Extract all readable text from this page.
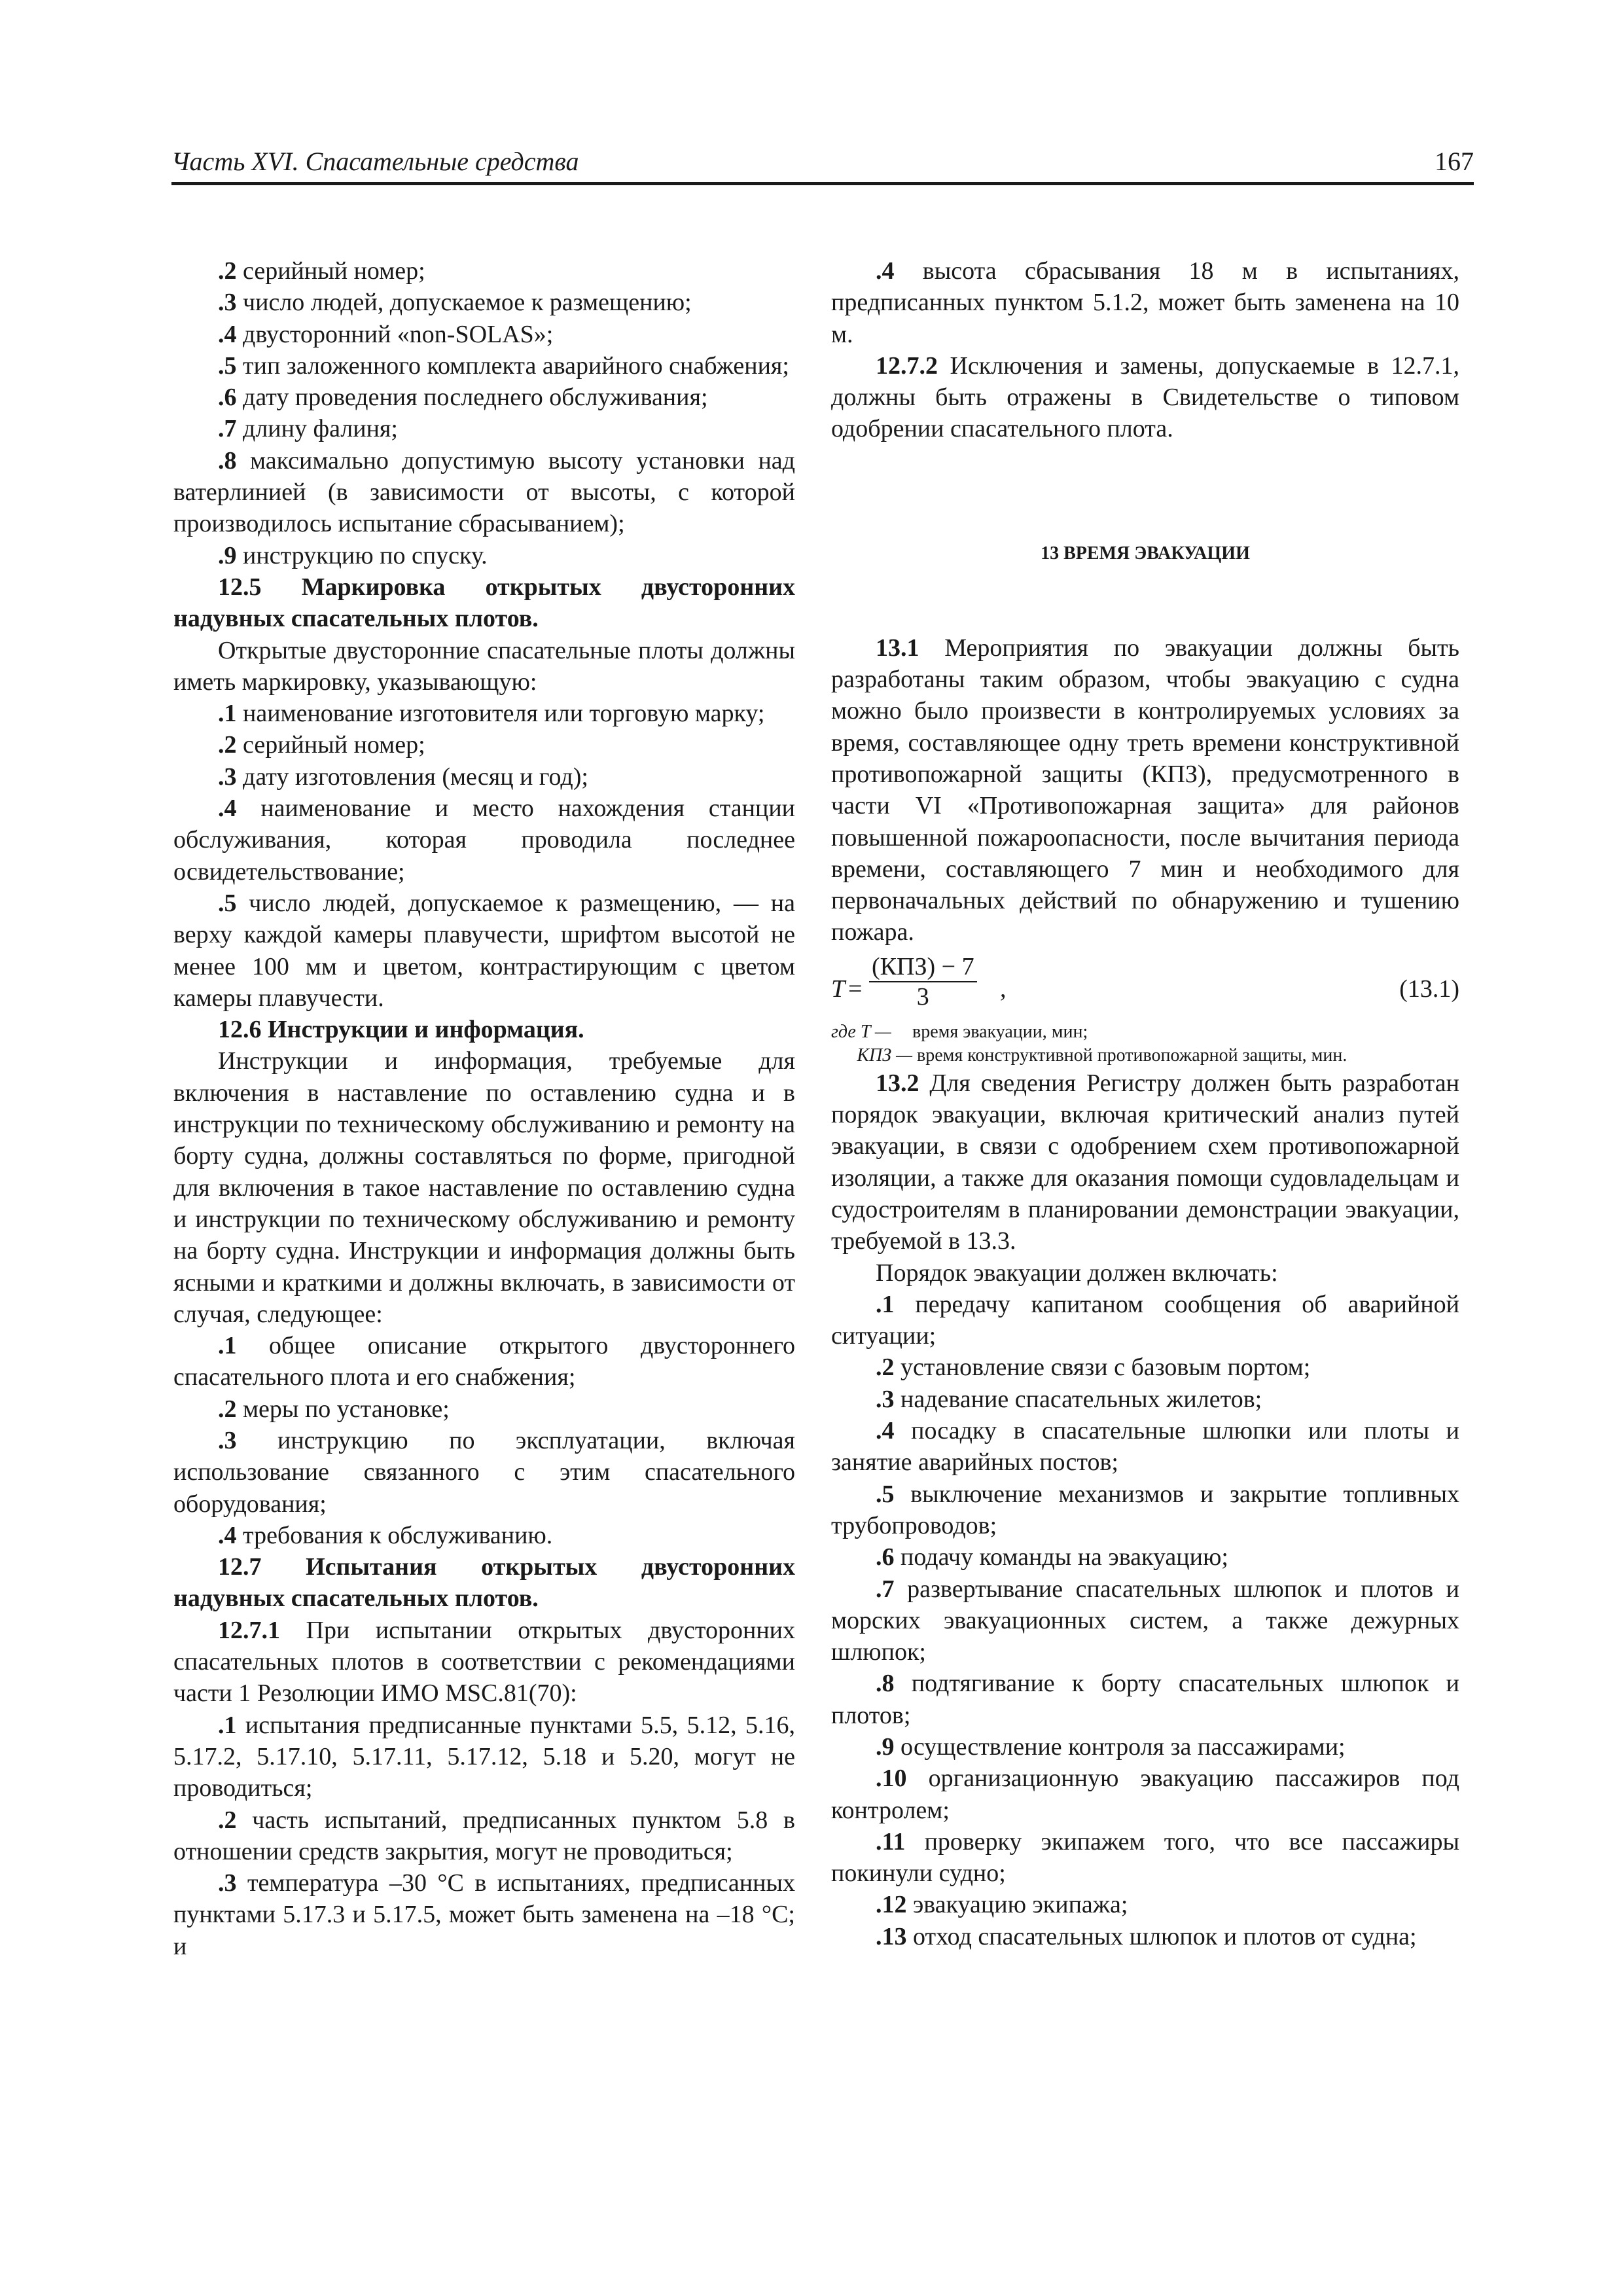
Часть XVI. Спасательные средства	167

.2 серийный номер;

.3 число людей, допускаемое к размещению;

.4 двусторонний «non-SOLAS»;

.5 тип заложенного комплекта аварийного снабжения;

.6 дату проведения последнего обслуживания;

.7 длину фалиня;

.8 максимально допустимую высоту установки над ватерлинией (в зависимости от высоты, с которой производилось испытание сбрасыванием);

.9 инструкцию по спуску.

12.5 Маркировка открытых двусторонних надувных спасательных плотов.

Открытые двусторонние спасательные плоты должны иметь маркировку, указывающую:

.1 наименование изготовителя или торговую марку;

.2 серийный номер;

.3 дату изготовления (месяц и год);

.4 наименование и место нахождения станции обслуживания, которая проводила последнее освидетельствование;

.5 число людей, допускаемое к размещению, — на верху каждой камеры плавучести, шрифтом высотой не менее 100 мм и цветом, контрастирующим с цветом камеры плавучести.

12.6 Инструкции и информация.

Инструкции и информация, требуемые для включения в наставление по оставлению судна и в инструкции по техническому обслуживанию и ремонту на борту судна, должны составляться по форме, пригодной для включения в такое наставление по оставлению судна и инструкции по техническому обслуживанию и ремонту на борту судна. Инструкции и информация должны быть ясными и краткими и должны включать, в зависимости от случая, следующее:

.1 общее описание открытого двустороннего спасательного плота и его снабжения;

.2 меры по установке;

.3 инструкцию по эксплуатации, включая использование связанного с этим спасательного оборудования;

.4 требования к обслуживанию.

12.7 Испытания открытых двусторонних надувных спасательных плотов.

12.7.1 При испытании открытых двусторонних спасательных плотов в соответствии с рекомендациями части 1 Резолюции ИМО MSC.81(70):

.1 испытания предписанные пунктами 5.5, 5.12, 5.16, 5.17.2, 5.17.10, 5.17.11, 5.17.12, 5.18 и 5.20, могут не проводиться;

.2 часть испытаний, предписанных пунктом 5.8 в отношении средств закрытия, могут не проводиться;

.3 температура –30 °С в испытаниях, предписанных пунктами 5.17.3 и 5.17.5, может быть заменена на –18 °С; и

.4 высота сбрасывания 18 м в испытаниях, предписанных пунктом 5.1.2, может быть заменена на 10 м.

12.7.2 Исключения и замены, допускаемые в 12.7.1, должны быть отражены в Свидетельстве о типовом одобрении спасательного плота.

13 ВРЕМЯ ЭВАКУАЦИИ

13.1 Мероприятия по эвакуации должны быть разработаны таким образом, чтобы эвакуацию с судна можно было произвести в контролируемых условиях за время, составляющее одну треть времени конструктивной противопожарной защиты (КПЗ), предусмотренного в части VI «Противопожарная защита» для районов повышенной пожароопасности, после вычитания периода времени, составляющего 7 мин и необходимого для первоначальных действий по обнаружению и тушению пожара.

T =
(КПЗ) − 7
3	,	(13.1)

где T — время эвакуации, мин;

КПЗ — время конструктивной противопожарной защиты, мин.

13.2 Для сведения Регистру должен быть разработан порядок эвакуации, включая критический анализ путей эвакуации, в связи с одобрением схем противопожарной изоляции, а также для оказания помощи судовладельцам и судостроителям в планировании демонстрации эвакуации, требуемой в 13.3.

Порядок эвакуации должен включать:

.1 передачу капитаном сообщения об аварийной ситуации;

.2 установление связи с базовым портом;

.3 надевание спасательных жилетов;

.4 посадку в спасательные шлюпки или плоты и занятие аварийных постов;

.5 выключение механизмов и закрытие топливных трубопроводов;

.6 подачу команды на эвакуацию;

.7 развертывание спасательных шлюпок и плотов и морских эвакуационных систем, а также дежурных шлюпок;

.8 подтягивание к борту спасательных шлюпок и плотов;

.9 осуществление контроля за пассажирами;

.10 организационную эвакуацию пассажиров под контролем;

.11 проверку экипажем того, что все пассажиры покинули судно;

.12 эвакуацию экипажа;

.13 отход спасательных шлюпок и плотов от судна;
